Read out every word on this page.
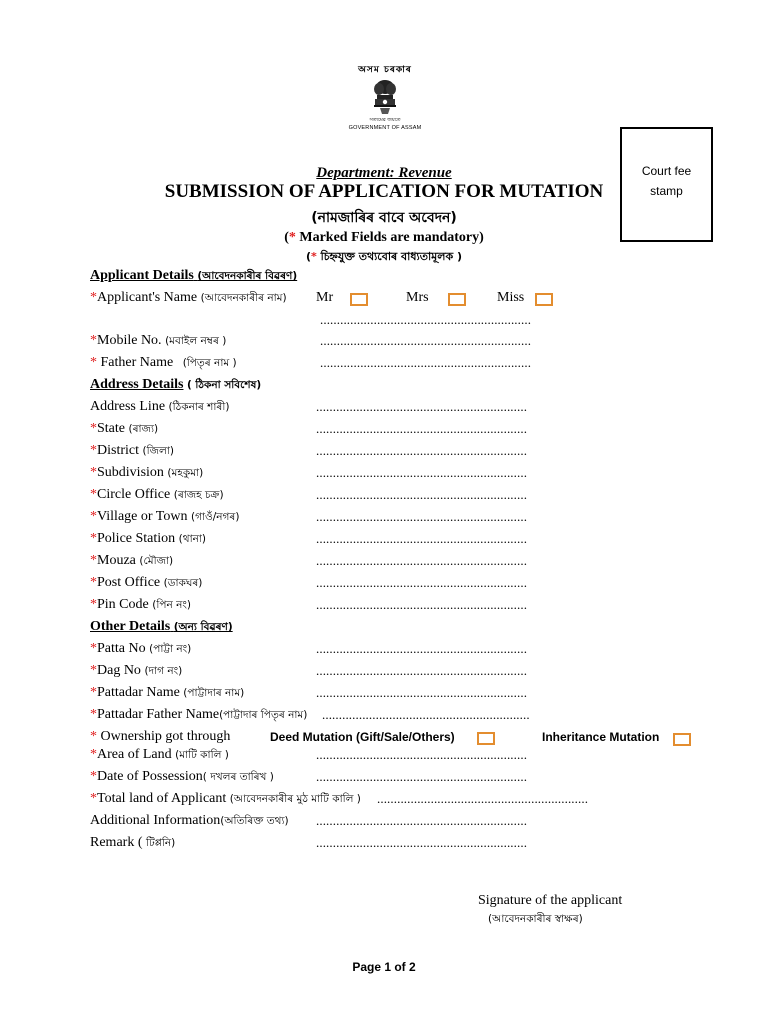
অসম চৰকাৰ
সত্যমেৱ জয়তে
GOVERNMENT OF ASSAM
Court fee
stamp
Department: Revenue
SUBMISSION OF APPLICATION FOR MUTATION
(নামজাৰিৰ বাবে অবেদন)
(* Marked Fields are mandatory)
(* চিহ্নযুক্ত তথ্যবোৰ বাধ্যতামূলক )
Applicant Details (আবেদনকাৰীৰ বিৱৰণ)
*Applicant's Name (আবেদনকাৰীৰ নাম) Mr	Mrs	Miss
...............................................................
*Mobile No. (মবাইল নম্বৰ )	...............................................................
* Father Name (পিতৃৰ নাম )	...............................................................
Address Details ( ঠিকনা সবিশেষ)
Address Line (ঠিকনাৰ শাৰী)	...............................................................
*State (ৰাজ্য)	...............................................................
*District (জিলা)	...............................................................
*Subdivision (মহকুমা)	...............................................................
*Circle Office (ৰাজহ চক্ৰ)	...............................................................
*Village or Town (গাওঁ/নগৰ)	...............................................................
*Police Station (থানা)	...............................................................
*Mouza (মৌজা)	...............................................................
*Post Office (ডাকঘৰ)	...............................................................
*Pin Code (পিন নং)	...............................................................
Other Details (অন্য বিৱৰণ)
*Patta No (পাট্টা নং)	...............................................................
*Dag No (দাগ নং)	...............................................................
*Pattadar Name (পাট্টাদাৰ নাম)	...............................................................
*Pattadar Father Name(পাট্টাদাৰ পিতৃৰ নাম) ..............................................................
* Ownership got through	Deed Mutation (Gift/Sale/Others)	Inheritance Mutation
*Area of Land (মাটি কালি )	...............................................................
*Date of Possession( দখলৰ তাৰিখ )	...............................................................
*Total land of Applicant (আবেদনকাৰীৰ মুঠ মাটি কালি ) ...............................................................
Additional Information(অতিৰিক্ত তথ্য) ...............................................................
Remark ( টিপ্পনি)	...............................................................
Signature of the applicant
(আবেদনকাৰীৰ স্বাক্ষৰ)
Page 1 of 2
